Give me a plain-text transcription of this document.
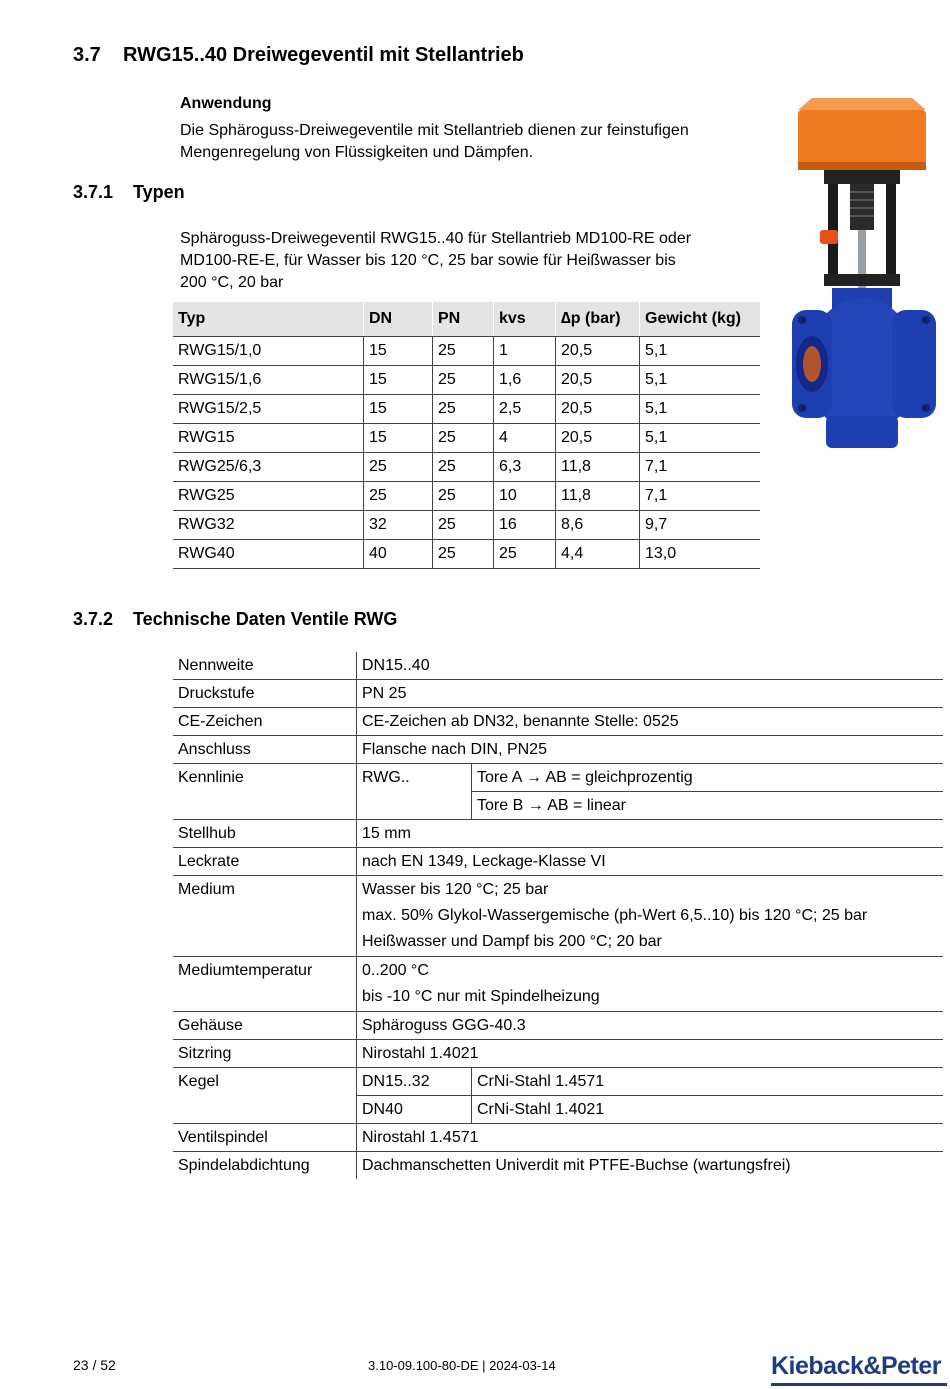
3.7 RWG15..40 Dreiwegeventil mit Stellantrieb
Anwendung
Die Sphäroguss-Dreiwegeventile mit Stellantrieb dienen zur feinstufigen
Mengenregelung von Flüssigkeiten und Dämpfen.
3.7.1 Typen
Sphäroguss-Dreiwegeventil RWG15..40 für Stellantrieb MD100-RE oder
MD100-RE-E, für Wasser bis 120 °C, 25 bar sowie für Heißwasser bis
200 °C, 20 bar
Typ	DN	PN	kvs	∆p (bar)	Gewicht (kg)
RWG15/1,0	15	25	1	20,5	5,1
RWG15/1,6	15	25	1,6	20,5	5,1
RWG15/2,5	15	25	2,5	20,5	5,1
RWG15	15	25	4	20,5	5,1
RWG25/6,3	25	25	6,3	11,8	7,1
RWG25	25	25	10	11,8	7,1
RWG32	32	25	16	8,6	9,7
RWG40	40	25	25	4,4	13,0
3.7.2 Technische Daten Ventile RWG
Nennweite	DN15..40	
Druckstufe	PN 25	
CE-Zeichen	CE-Zeichen ab DN32, benannte Stelle: 0525	
Anschluss	Flansche nach DIN, PN25	
Kennlinie	RWG..	Tore A → AB = gleichprozentig
		Tore B → AB = linear
Stellhub	15 mm	
Leckrate	nach EN 1349, Leckage-Klasse VI	
Medium	Wasser bis 120 °C; 25 bar
max. 50% Glykol-Wassergemische (ph-Wert 6,5..10) bis 120 °C; 25 bar
Heißwasser und Dampf bis 200 °C; 20 bar	

Mediumtemperatur	0..200 °C
bis -10 °C nur mit Spindelheizung	

Gehäuse	Sphäroguss GGG-40.3	
Sitzring	Nirostahl 1.4021	
Kegel	DN15..32	CrNi-Stahl 1.4571
	DN40	CrNi-Stahl 1.4021
Ventilspindel	Nirostahl 1.4571	
Spindelabdichtung	Dachmanschetten Univerdit mit PTFE-Buchse (wartungsfrei)	
23 / 52	3.10-09.100-80-DE | 2024-03-14	Kieback&Peter
